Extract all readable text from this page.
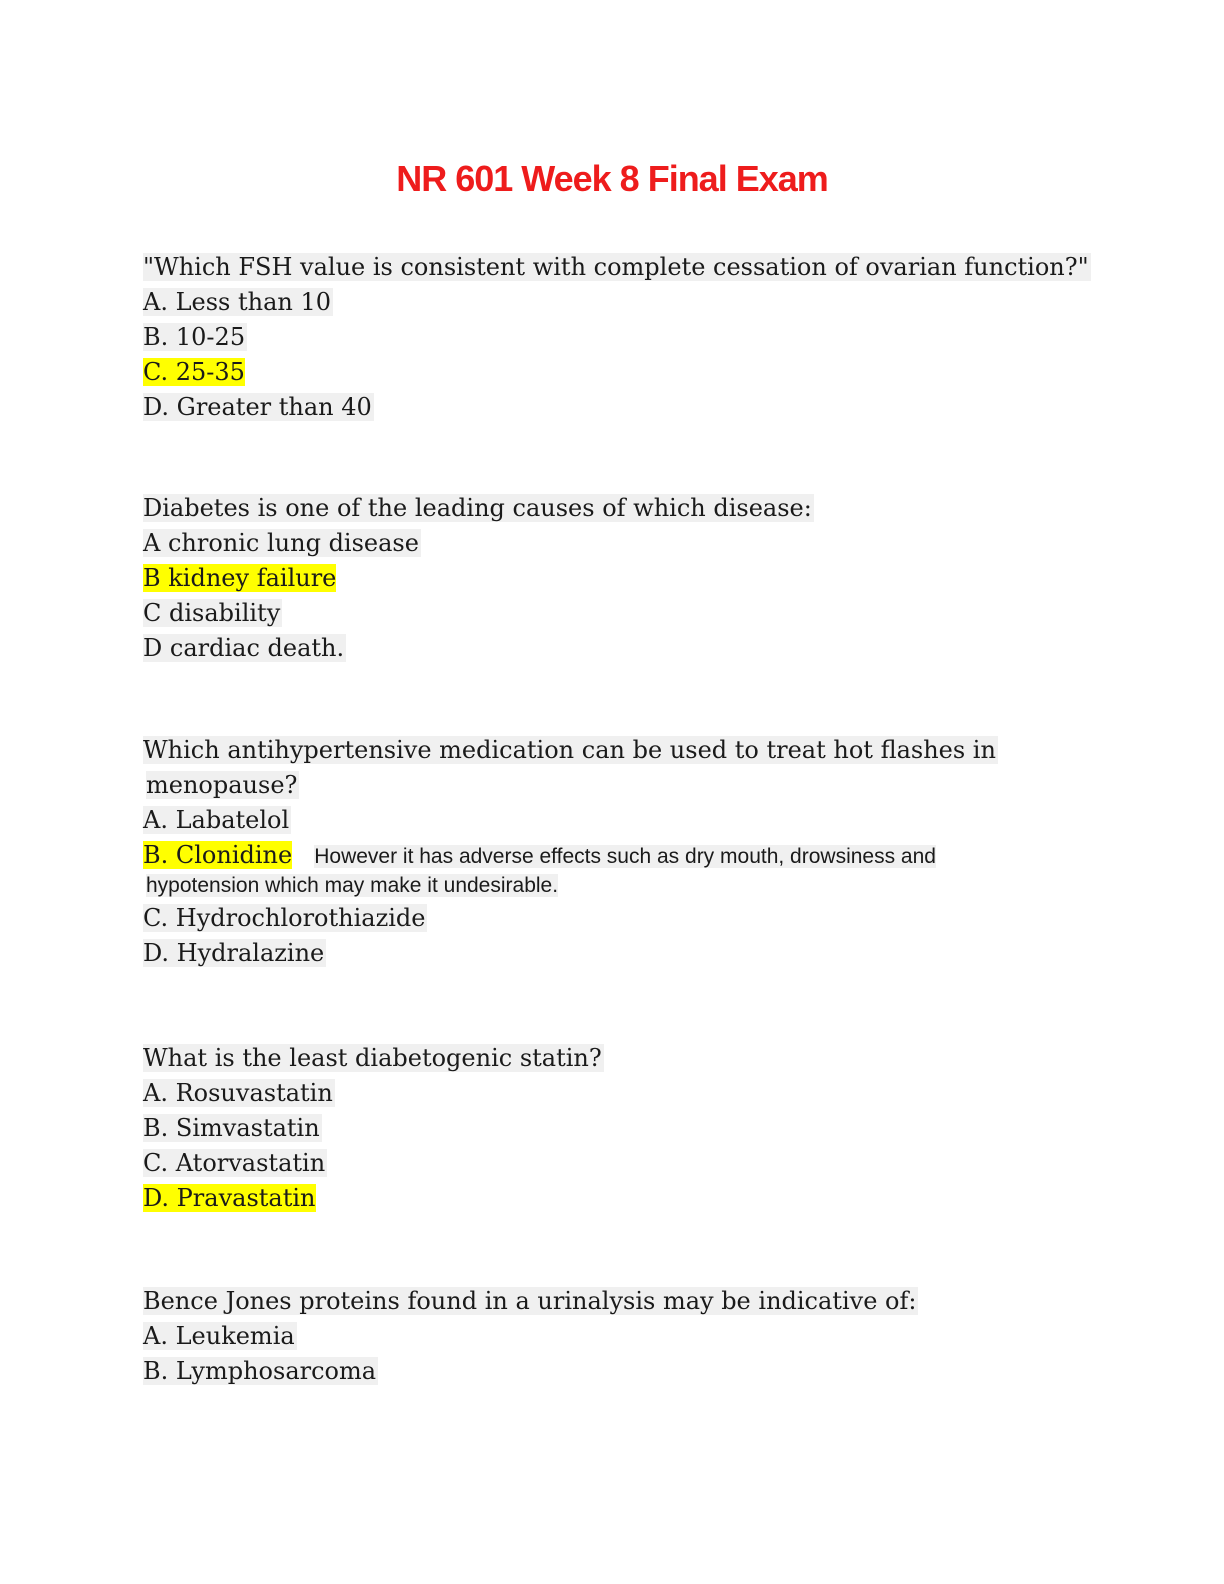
NR 601 Week 8 Final Exam
"Which FSH value is consistent with complete cessation of ovarian function?"
A. Less than 10
B. 10-25
C. 25-35
D. Greater than 40
Diabetes is one of the leading causes of which disease:
A chronic lung disease
B kidney failure
C disability
D cardiac death.
Which antihypertensive medication can be used to treat hot flashes in
menopause?
A. Labatelol
B. Clonidine However it has adverse effects such as dry mouth, drowsiness and
hypotension which may make it undesirable.
C. Hydrochlorothiazide
D. Hydralazine
What is the least diabetogenic statin?
A. Rosuvastatin
B. Simvastatin
C. Atorvastatin
D. Pravastatin
Bence Jones proteins found in a urinalysis may be indicative of:
A. Leukemia
B. Lymphosarcoma
